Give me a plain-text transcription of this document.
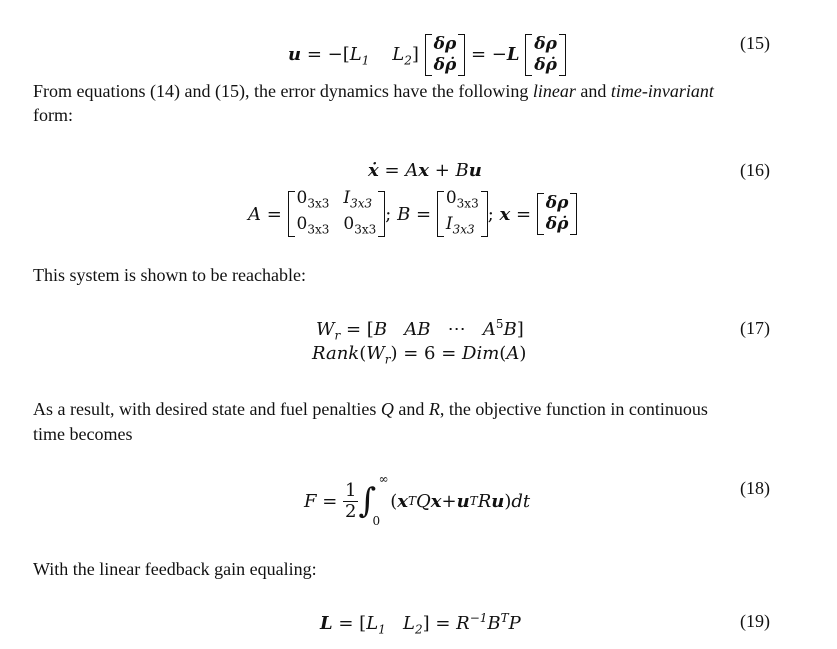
$u = -[L_1$ $L_2$] δρ
δρ̇ = −L δρ
δρ̇
(15)
From equations (14) and (15), the error dynamics have the following linear and time-invariant
form:
ẋ = Ax + Bu	(16)
A =
$0_{3x3}$ $I_{3x3}$
$0_{3x3}$ $0_{3x3}$
; B =
$0_{3x3}$
$I_{3x3}$
; x =
δρ
δρ̇
This system is shown to be reachable:
$W_r = [B$ AB   ⋯   $A^5B$]	(17)
$Rank(W_r) = 6 = Dim(A)$
As a result, with desired state and fuel penalties Q and R, the objective function in continuous
time becomes
$F = \frac{1}{2}$ ∫
∞
0
( x T Q x + u T R u ) dt
(18)
With the linear feedback gain equaling:
$L = [L_1$ $L_2] = R^{-1}B^TP$	(19)
